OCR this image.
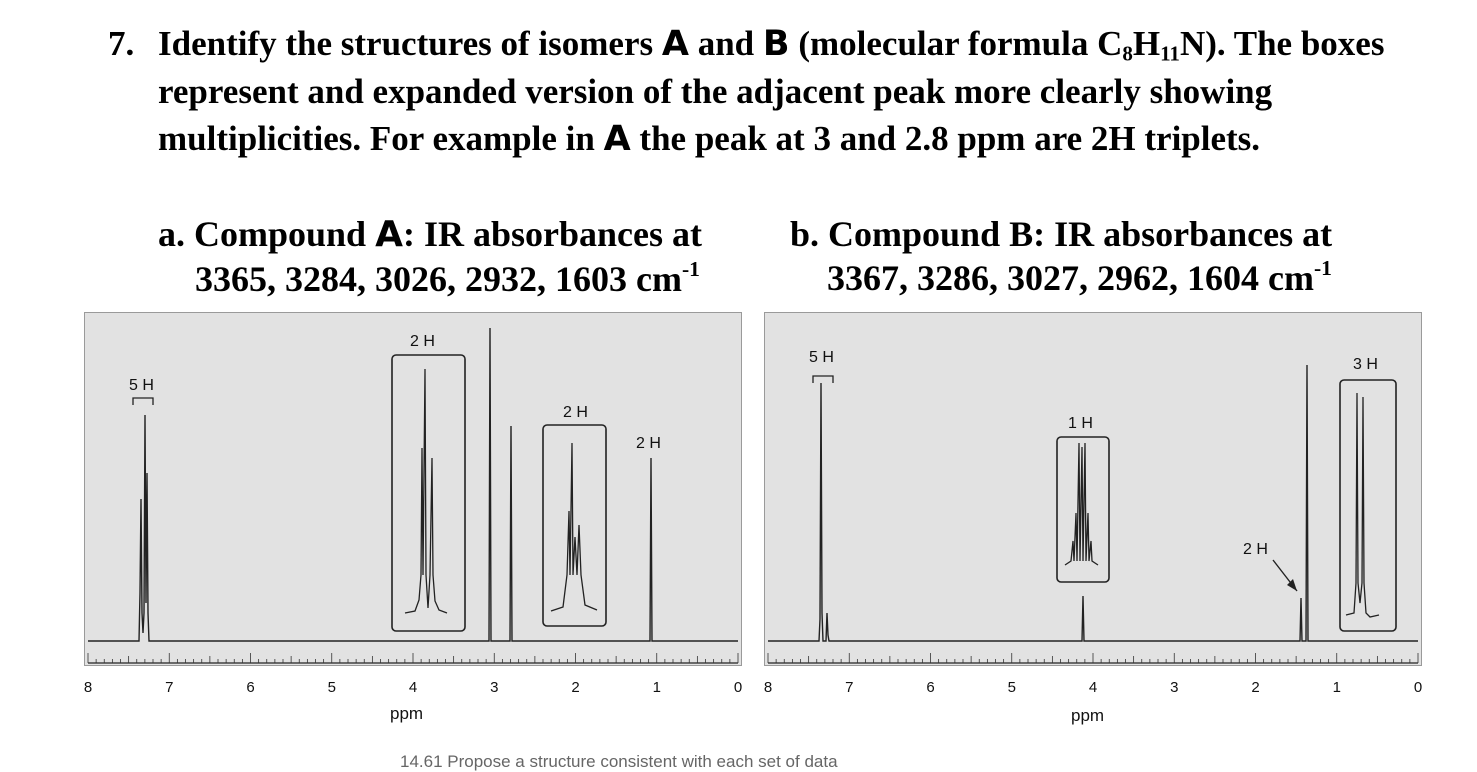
7. Identify the structures of isomers A and B (molecular formula $C_8H_{11}N$). The boxes represent and expanded version of the adjacent peak more clearly showing multiplicities. For example in A the peak at 3 and 2.8 ppm are 2H triplets.
a. Compound A: IR absorbances at
3365, 3284, 3026, 2932, 1603 $cm^{-1}$
b. Compound B: IR absorbances at
3367, 3286, 3027, 2962, 1604 $cm^{-1}$
5 H
2 H
2 H
2 H
ppm
5 H
1 H
2 H
3 H
ppm
14.61 Propose a structure consistent with each set of data
8	7	6	5	4	3	2	1	0	8	7	6	5	4	3	2	1	0
